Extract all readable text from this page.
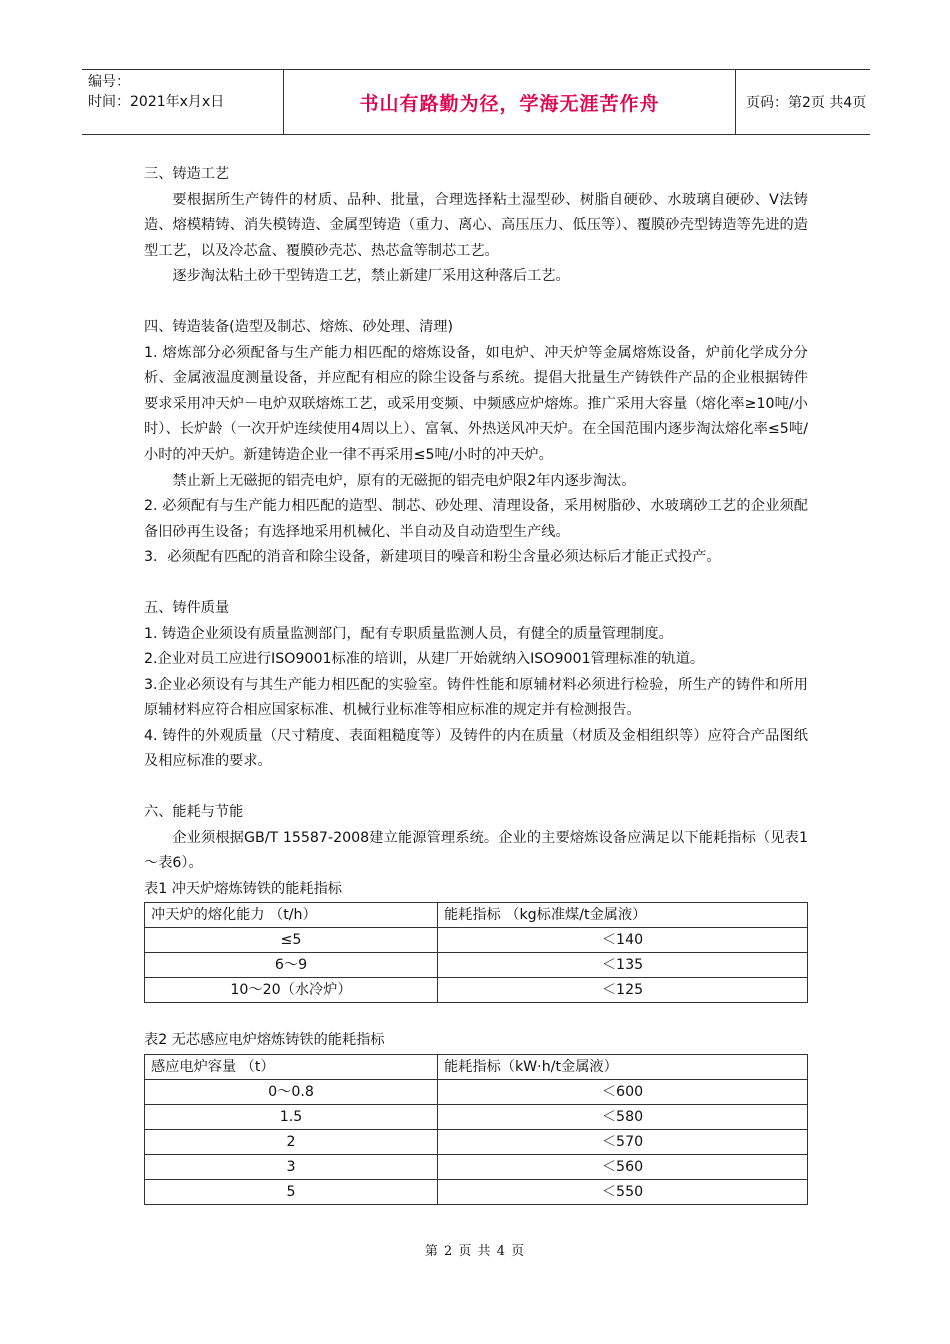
编号：
时间：2021年x月x日	书山有路勤为径，学海无涯苦作舟	页码：第2页 共4页

三、铸造工艺

要根据所生产铸件的材质、品种、批量，合理选择粘土湿型砂、树脂自硬砂、水玻璃自硬砂、V法铸造、熔模精铸、消失模铸造、金属型铸造（重力、离心、高压压力、低压等）、覆膜砂壳型铸造等先进的造型工艺，以及冷芯盒、覆膜砂壳芯、热芯盒等制芯工艺。

逐步淘汰粘土砂干型铸造工艺，禁止新建厂采用这种落后工艺。

四、铸造装备(造型及制芯、熔炼、砂处理、清理)

1. 熔炼部分必须配备与生产能力相匹配的熔炼设备，如电炉、冲天炉等金属熔炼设备，炉前化学成分分析、金属液温度测量设备，并应配有相应的除尘设备与系统。提倡大批量生产铸铁件产品的企业根据铸件要求采用冲天炉－电炉双联熔炼工艺，或采用变频、中频感应炉熔炼。推广采用大容量（熔化率≥10吨/小时）、长炉龄（一次开炉连续使用4周以上）、富氧、外热送风冲天炉。在全国范围内逐步淘汰熔化率≤5吨/小时的冲天炉。新建铸造企业一律不再采用≤5吨/小时的冲天炉。

禁止新上无磁扼的铝壳电炉，原有的无磁扼的铝壳电炉限2年内逐步淘汰。

2. 必须配有与生产能力相匹配的造型、制芯、砂处理、清理设备，采用树脂砂、水玻璃砂工艺的企业须配备旧砂再生设备；有选择地采用机械化、半自动及自动造型生产线。

3．必须配有匹配的消音和除尘设备，新建项目的噪音和粉尘含量必须达标后才能正式投产。

五、铸件质量

1. 铸造企业须设有质量监测部门，配有专职质量监测人员，有健全的质量管理制度。

2.企业对员工应进行ISO9001标准的培训，从建厂开始就纳入ISO9001管理标准的轨道。

3.企业必须设有与其生产能力相匹配的实验室。铸件性能和原辅材料必须进行检验，所生产的铸件和所用原辅材料应符合相应国家标准、机械行业标准等相应标准的规定并有检测报告。

4. 铸件的外观质量（尺寸精度、表面粗糙度等）及铸件的内在质量（材质及金相组织等）应符合产品图纸及相应标准的要求。

六、能耗与节能

企业须根据GB/T 15587-2008建立能源管理系统。企业的主要熔炼设备应满足以下能耗指标（见表1～表6）。

表1 冲天炉熔炼铸铁的能耗指标

冲天炉的熔化能力 （t/h）	能耗指标 （kg标准煤/t金属液）
≤5	＜140
6～9	＜135
10～20（水冷炉）	＜125

表2 无芯感应电炉熔炼铸铁的能耗指标

感应电炉容量 （t）	能耗指标（kW·h/t金属液）
0～0.8	＜600
1.5	＜580
2	＜570
3	＜560
5	＜550
第 2 页 共 4 页
